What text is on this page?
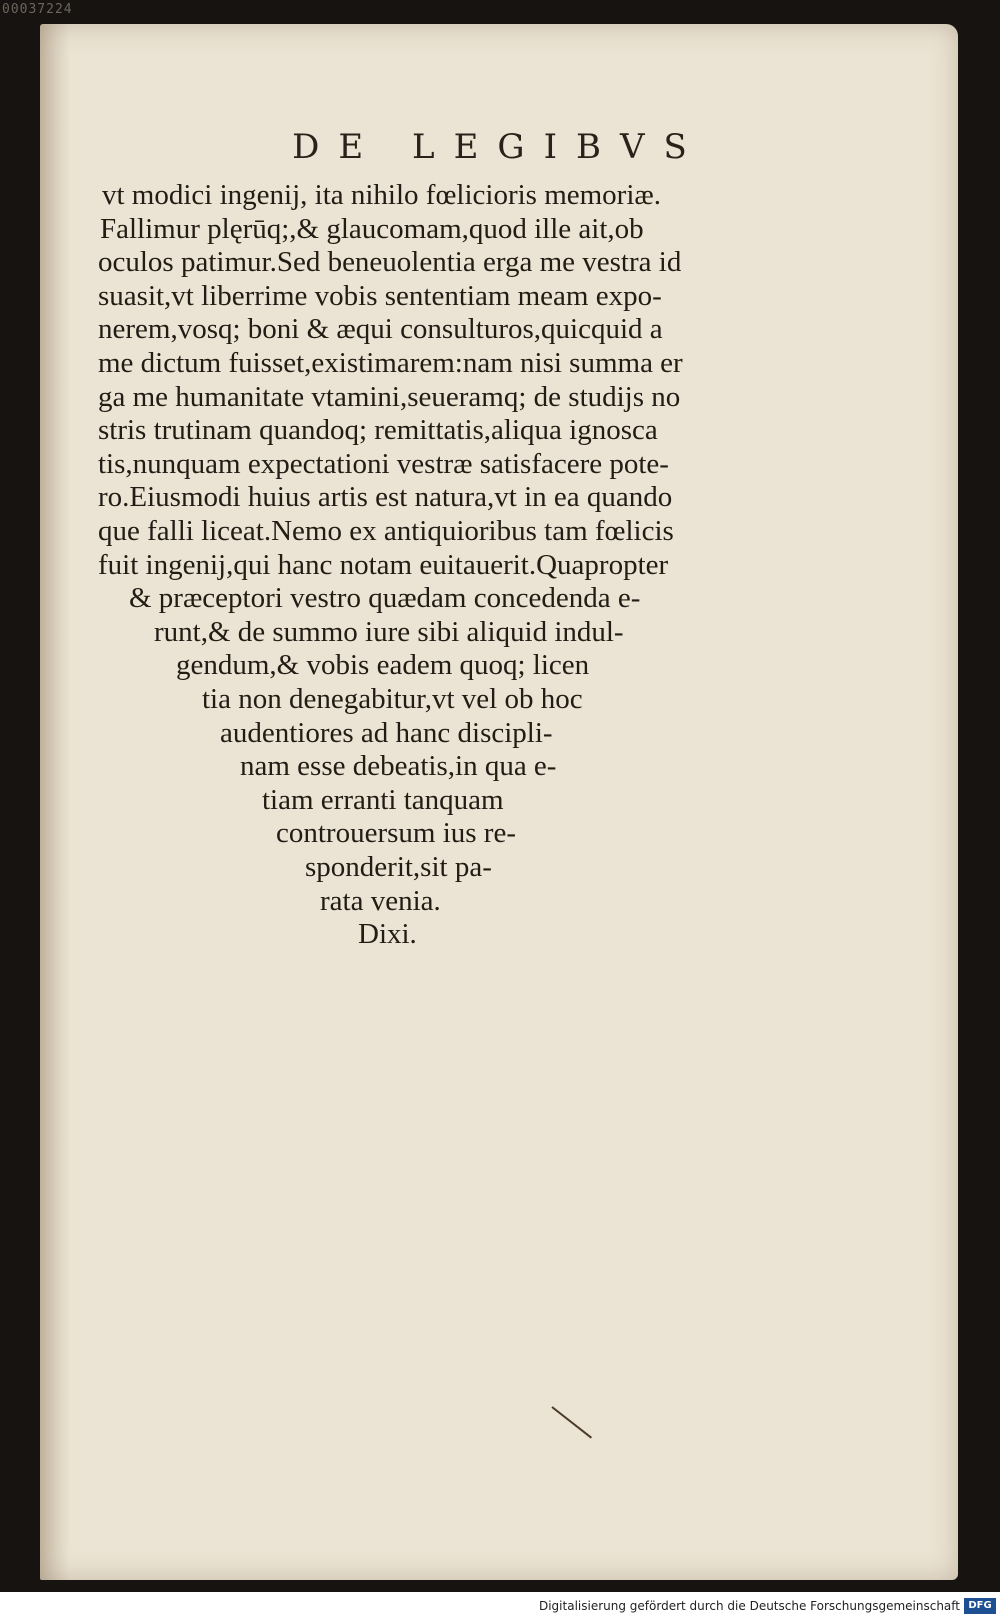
00037224
DE LEGIBVS
vt modici ingenij, ita nihilo fœlicioris memoriæ.
Fallimur plęrūq;,& glaucomam,quod ille ait,ob
oculos patimur.Sed beneuolentia erga me vestra id
suasit,vt liberrime vobis sententiam meam expo-
nerem,vosq; boni & æqui consulturos,quicquid a
me dictum fuisset,existimarem:nam nisi summa er
ga me humanitate vtamini,seueramq; de studijs no
stris trutinam quandoq; remittatis,aliqua ignosca
tis,nunquam expectationi vestræ satisfacere pote-
ro.Eiusmodi huius artis est natura,vt in ea quando
que falli liceat.Nemo ex antiquioribus tam fœlicis
fuit ingenij,qui hanc notam euitauerit.Quapropter
& præceptori vestro quædam concedenda e-
runt,& de summo iure sibi aliquid indul-
gendum,& vobis eadem quoq; licen
tia non denegabitur,vt vel ob hoc
audentiores ad hanc discipli-
nam esse debeatis,in qua e-
tiam erranti tanquam
controuersum ius re-
sponderit,sit pa-
rata venia.
Dixi.
Digitalisierung gefördert durch die Deutsche Forschungsgemeinschaft DFG
